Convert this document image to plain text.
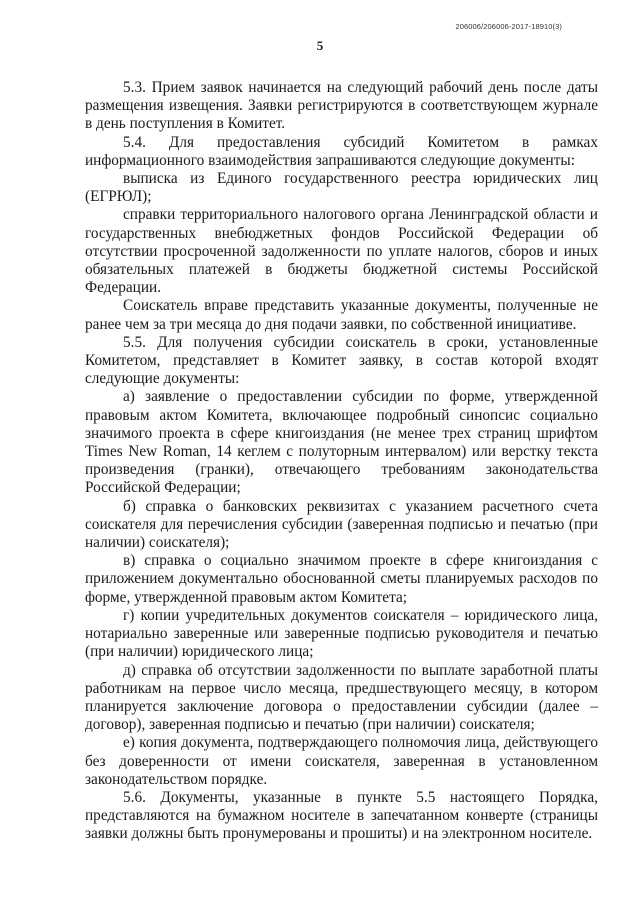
206006/206006-2017-18910(3)
5

5.3. Прием заявок начинается на следующий рабочий день после даты размещения извещения. Заявки регистрируются в соответствующем журнале в день поступления в Комитет.

5.4. Для предоставления субсидий Комитетом в рамках информационного взаимодействия запрашиваются следующие документы:

выписка из Единого государственного реестра юридических лиц (ЕГРЮЛ);

справки территориального налогового органа Ленинградской области и государственных внебюджетных фондов Российской Федерации об отсутствии просроченной задолженности по уплате налогов, сборов и иных обязательных платежей в бюджеты бюджетной системы Российской Федерации.

Соискатель вправе представить указанные документы, полученные не ранее чем за три месяца до дня подачи заявки, по собственной инициативе.

5.5. Для получения субсидии соискатель в сроки, установленные Комитетом, представляет в Комитет заявку, в состав которой входят следующие документы:

а) заявление о предоставлении субсидии по форме, утвержденной правовым актом Комитета, включающее подробный синопсис социально значимого проекта в сфере книгоиздания (не менее трех страниц шрифтом Times New Roman, 14 кеглем с полуторным интервалом) или верстку текста произведения (гранки), отвечающего требованиям законодательства Российской Федерации;

б) справка о банковских реквизитах с указанием расчетного счета соискателя для перечисления субсидии (заверенная подписью и печатью (при наличии) соискателя);

в) справка о социально значимом проекте в сфере книгоиздания с приложением документально обоснованной сметы планируемых расходов по форме, утвержденной правовым актом Комитета;

г) копии учредительных документов соискателя – юридического лица, нотариально заверенные или заверенные подписью руководителя и печатью (при наличии) юридического лица;

д) справка об отсутствии задолженности по выплате заработной платы работникам на первое число месяца, предшествующего месяцу, в котором планируется заключение договора о предоставлении субсидии (далее – договор), заверенная подписью и печатью (при наличии) соискателя;

е) копия документа, подтверждающего полномочия лица, действующего без доверенности от имени соискателя, заверенная в установленном законодательством порядке.

5.6. Документы, указанные в пункте 5.5 настоящего Порядка, представляются на бумажном носителе в запечатанном конверте (страницы заявки должны быть пронумерованы и прошиты) и на электронном носителе.
